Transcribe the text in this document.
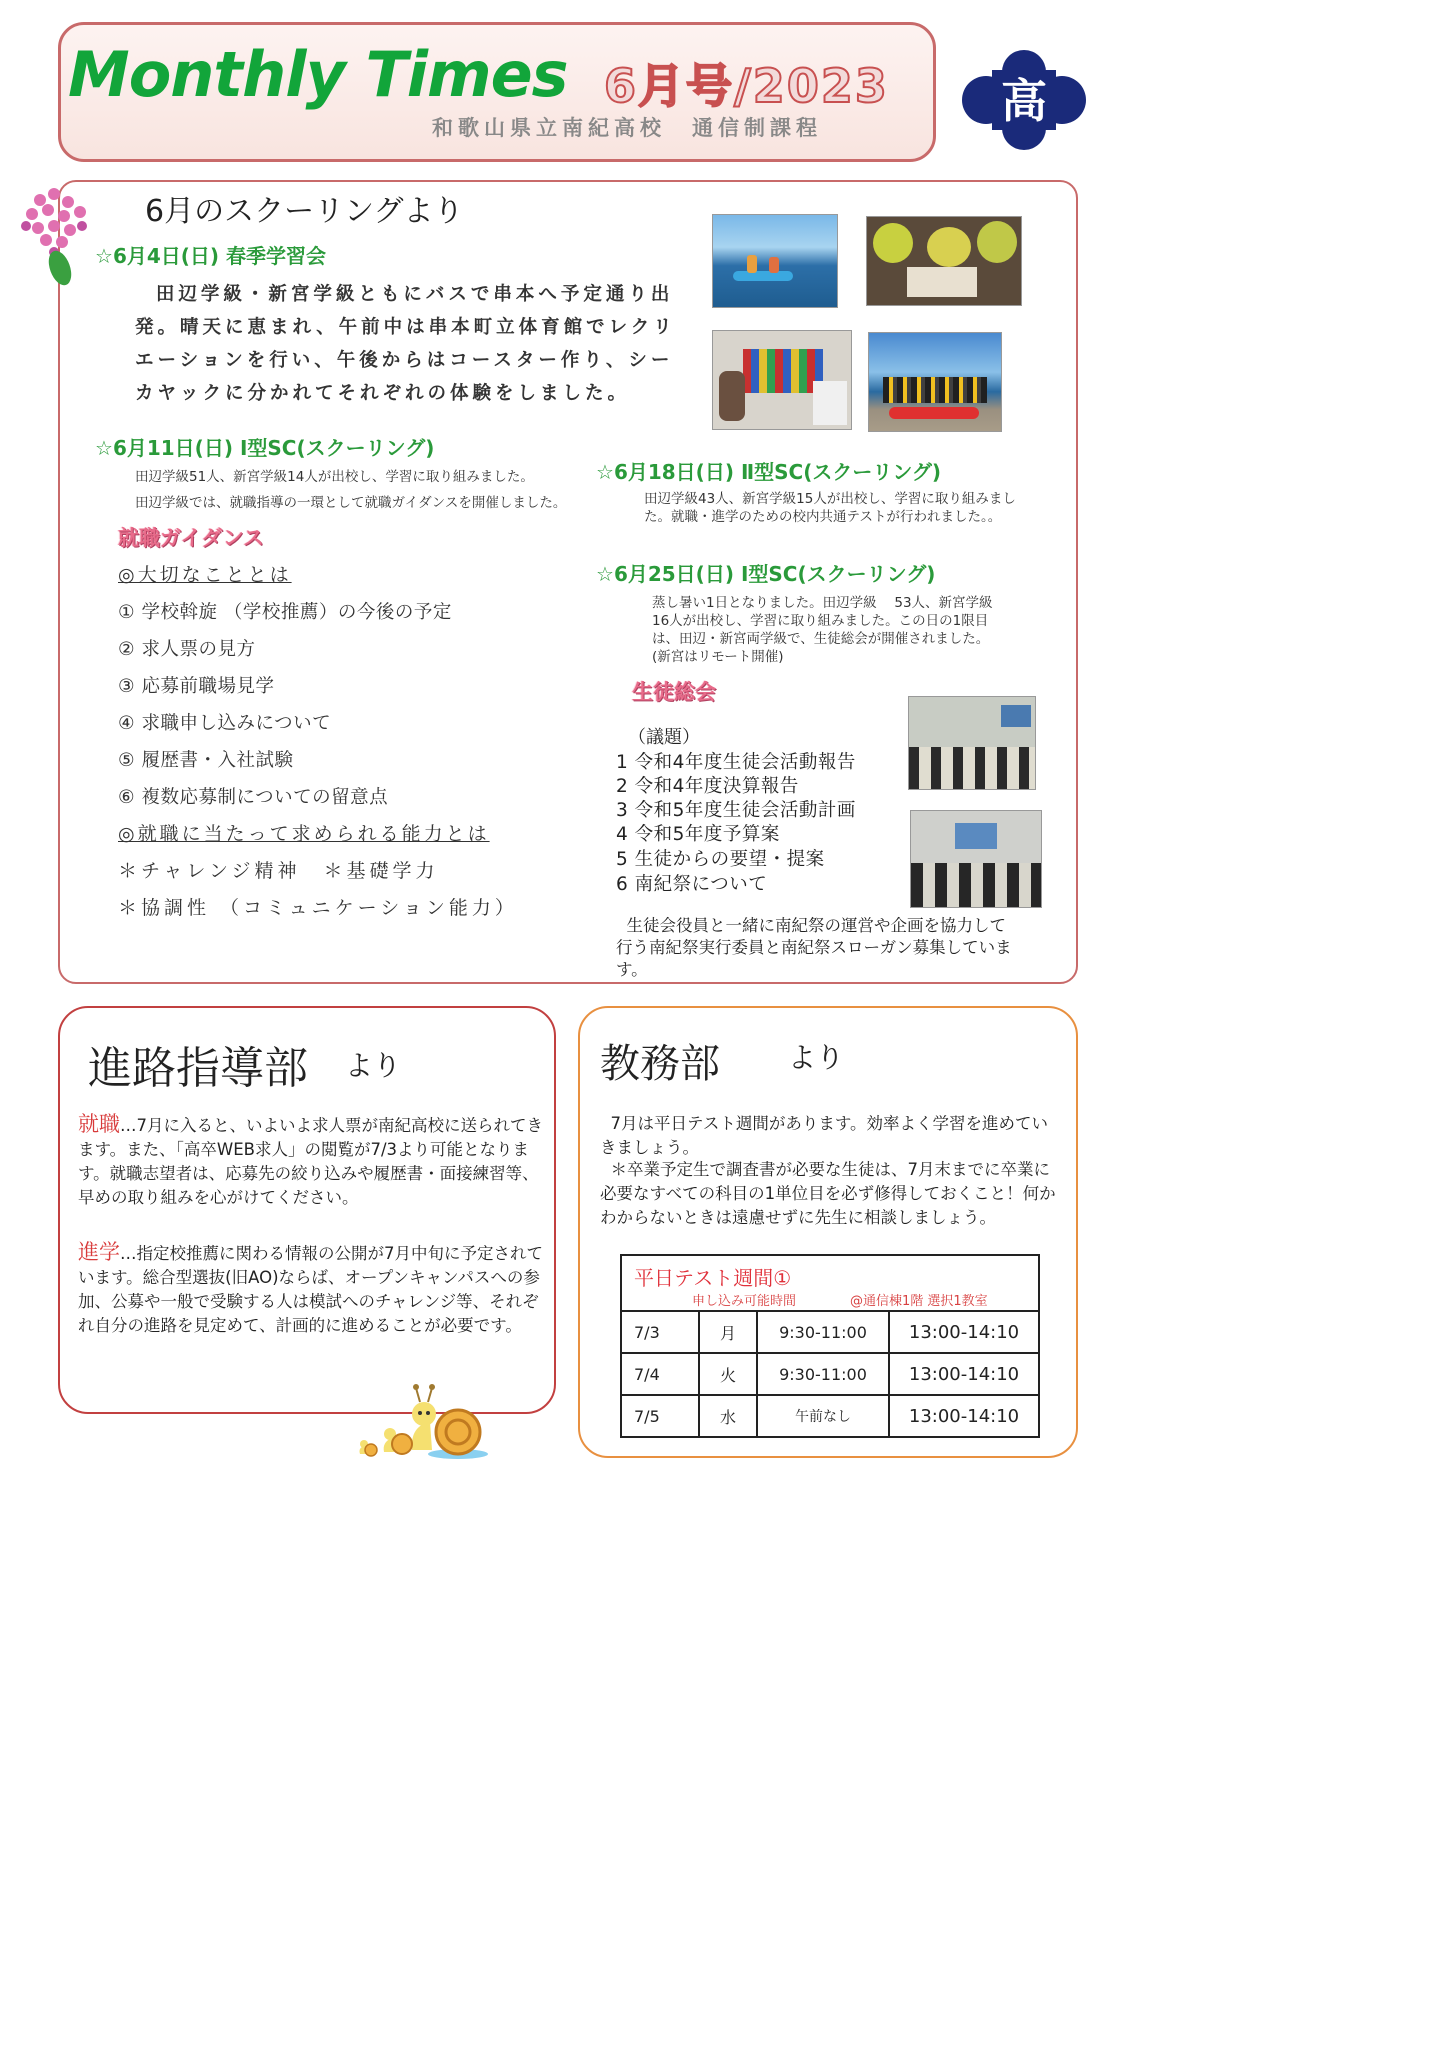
Monthly Times 6月号/2023
和歌山県立南紀高校　通信制課程	高
6月のスクーリングより
☆6月4日(日) 春季学習会
田辺学級・新宮学級ともにバスで串本へ予定通り出発。晴天に恵まれ、午前中は串本町立体育館でレクリエーションを行い、午後からはコースター作り、シーカヤックに分かれてそれぞれの体験をしました。
☆6月11日(日) Ⅰ型SC(スクーリング)
田辺学級51人、新宮学級14人が出校し、学習に取り組みました。
田辺学級では、就職指導の一環として就職ガイダンスを開催しました。
就職ガイダンス
◎大切なこととは
① 学校斡旋 （学校推薦）の今後の予定
② 求人票の見方
③ 応募前職場見学
④ 求職申し込みについて
⑤ 履歴書・入社試験
⑥ 複数応募制についての留意点
◎就職に当たって求められる能力とは
＊チャレンジ精神　＊基礎学力
＊協調性 （コミュニケーション能力）
☆6月18日(日) Ⅱ型SC(スクーリング)
田辺学級43人、新宮学級15人が出校し、学習に取り組みました。就職・進学のための校内共通テストが行われました。。
☆6月25日(日) Ⅰ型SC(スクーリング)
蒸し暑い1日となりました。田辺学級　 53人、新宮学級16人が出校し、学習に取り組みました。この日の1限目は、田辺・新宮両学級で、生徒総会が開催されました。(新宮はリモート開催)
生徒総会
（議題）
1 令和4年度生徒会活動報告
2 令和4年度決算報告
3 令和5年度生徒会活動計画
4 令和5年度予算案
5 生徒からの要望・提案
6 南紀祭について
生徒会役員と一緒に南紀祭の運営や企画を協力して行う南紀祭実行委員と南紀祭スローガン募集しています。
進路指導部 より
就職…7月に入ると、いよいよ求人票が南紀高校に送られてきます。また、「高卒WEB求人」の閲覧が7/3より可能となります。就職志望者は、応募先の絞り込みや履歴書・面接練習等、早めの取り組みを心がけてください。
進学…指定校推薦に関わる情報の公開が7月中旬に予定されています。総合型選抜(旧AO)ならば、オープンキャンパスへの参加、公募や一般で受験する人は模試へのチャレンジ等、それぞれ自分の進路を見定めて、計画的に進めることが必要です。
教務部 より
7月は平日テスト週間があります。効率よく学習を進めていきましょう。
＊卒業予定生で調査書が必要な生徒は、7月末までに卒業に必要なすべての科目の1単位目を必ず修得しておくこと！何かわからないときは遠慮せずに先生に相談しましょう。

7/3	月	9:30-11:00	13:00-14:10
7/4	火	9:30-11:00	13:00-14:10
7/5	水	午前なし	13:00-14:10
平日テスト週間①
申し込み可能時間	@通信棟1階 選択1教室
